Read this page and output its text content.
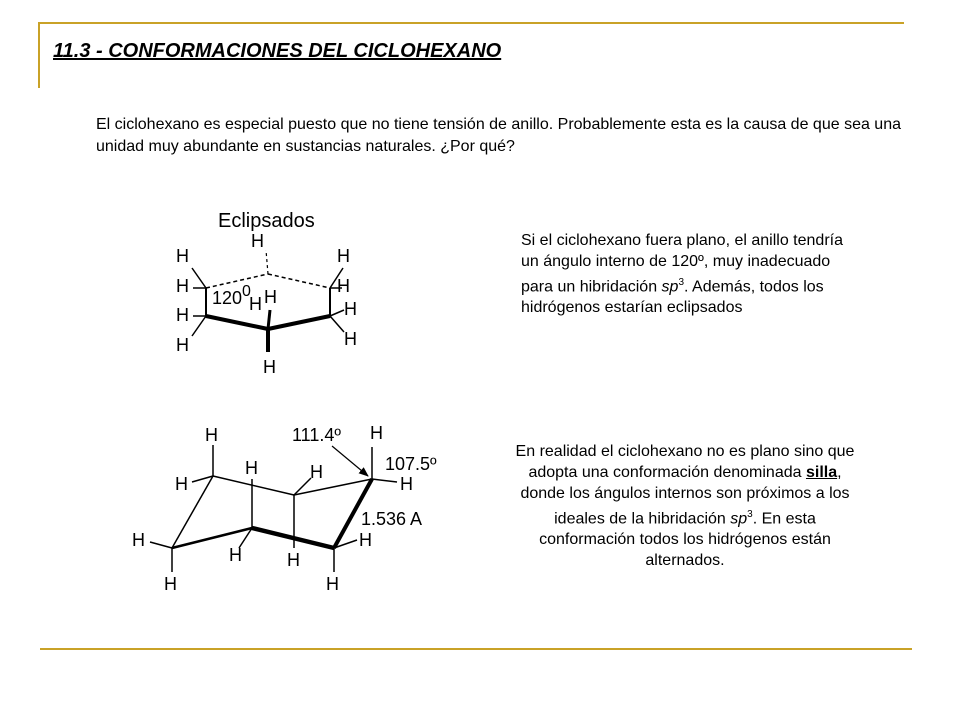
11.3 - CONFORMACIONES DEL CICLOHEXANO

El ciclohexano es especial puesto que no tiene tensión de anillo. Probablemente esta es la causa de que sea una unidad muy abundante en sustancias naturales. ¿Por qué?

Eclipsados
1200
H
H
H
H
H
H
H
H
H
H H
H

Si el ciclohexano fuera plano, el anillo tendría un ángulo interno de 120º, muy inadecuado para un hibridación $sp^3$. Además, todos los hidrógenos estarían eclipsados

111.4º
107.5º
1.536 A
H
H
H	H
H
H
H
H
H	H
H
H

En realidad el ciclohexano no es plano sino que adopta una conformación denominada silla, donde los ángulos internos son próximos a los ideales de la hibridación $sp^3$. En esta conformación todos los hidrógenos están alternados.
